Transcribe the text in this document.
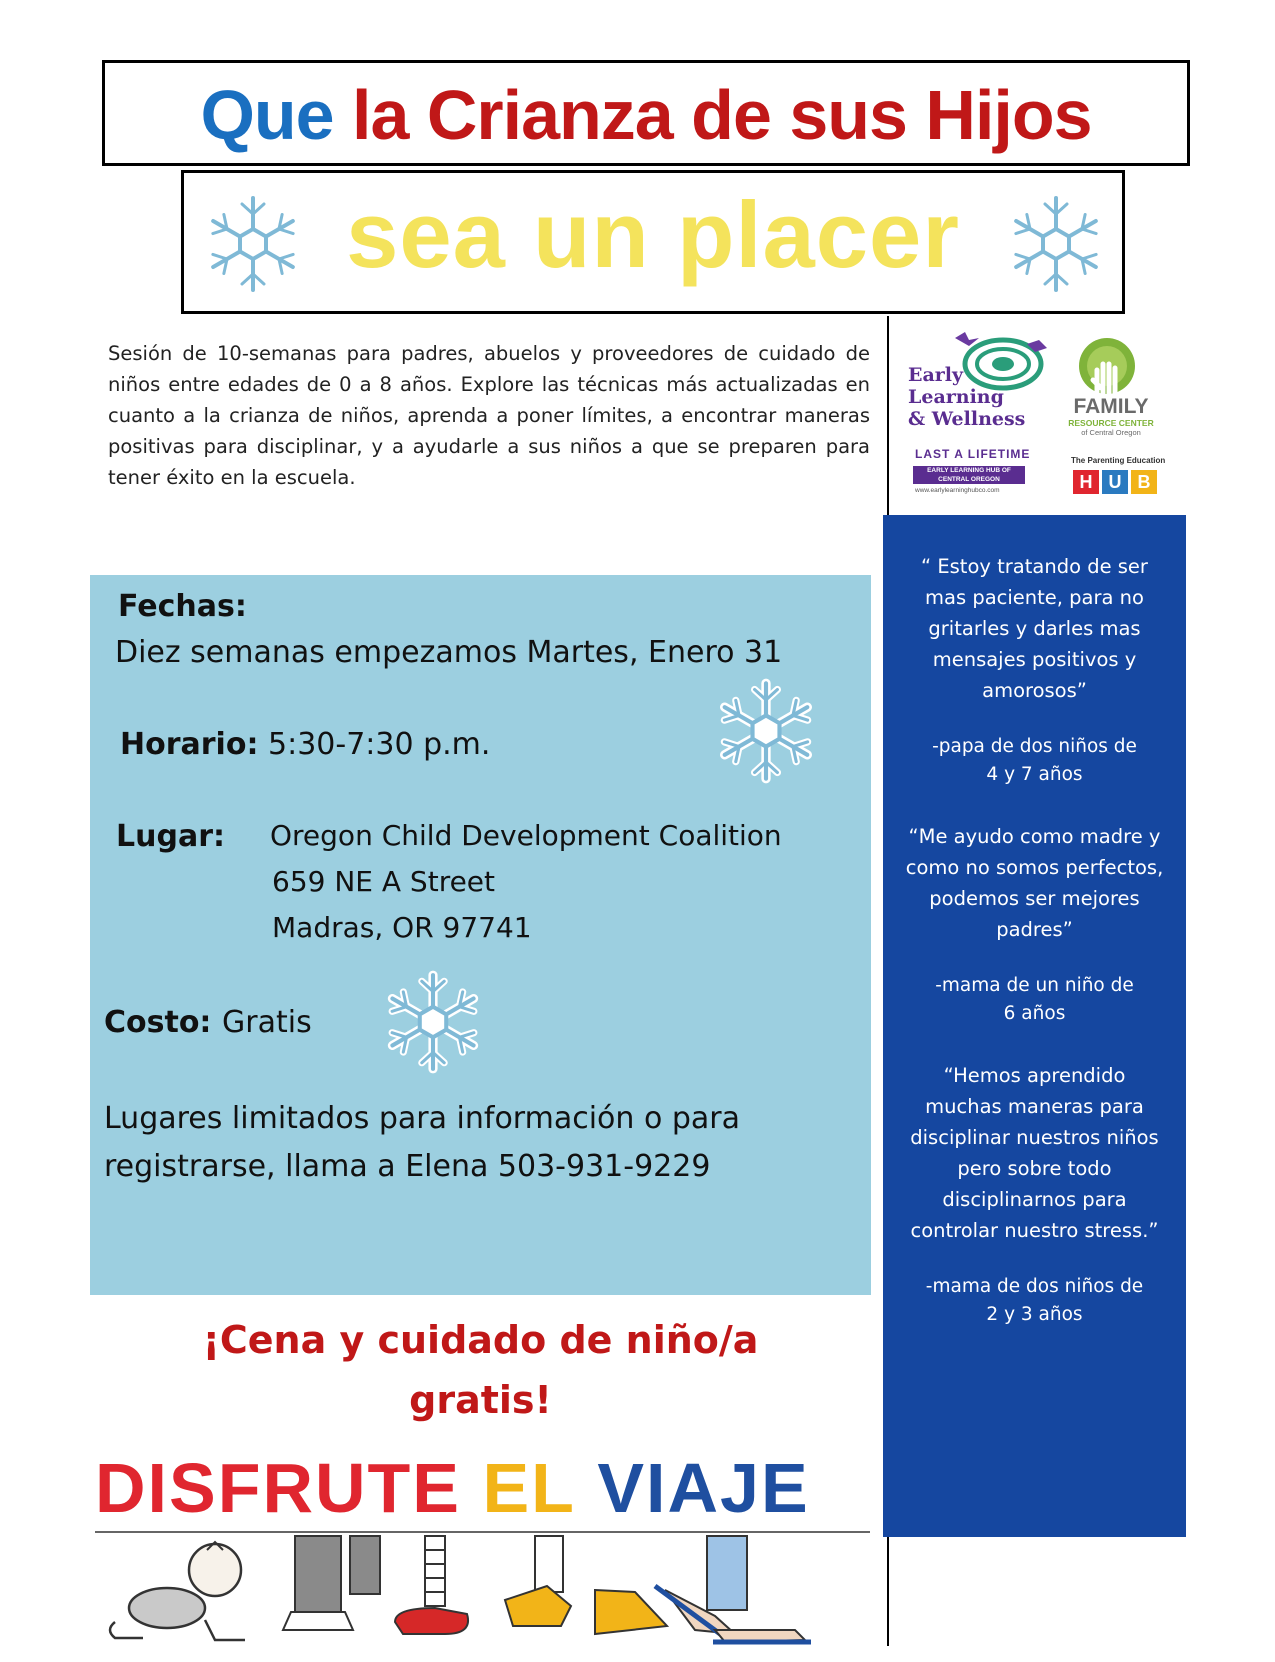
Que la Crianza de sus Hijos
sea un placer
Sesión de 10-semanas para padres, abuelos y proveedores de cuidado de niños entre edades de 0 a 8 años. Explore las técnicas más actualizadas en cuanto a la crianza de niños, aprenda a poner límites, a encontrar maneras positivas para disciplinar, y a ayudarle a sus niños a que se preparen para tener éxito en la escuela.
Early
Learning
& Wellness
LAST A LIFETIME
EARLY LEARNING HUB OF CENTRAL OREGON
www.earlylearninghubco.com
FAMILY
RESOURCE CENTER
of Central Oregon
The Parenting Education
H U B
Fechas:
Diez semanas empezamos Martes, Enero 31
Horario: 5:30-7:30 p.m.
Lugar: Oregon Child Development Coalition
659 NE A Street
Madras, OR 97741
Costo: Gratis
Lugares limitados para información o para
registrarse, llama a Elena 503-931-9229
¡Cena y cuidado de niño/a
gratis!
DISFRUTE EL VIAJE

“ Estoy tratando de ser

mas paciente, para no

gritarles y darles mas

mensajes positivos y

amorosos”

-papa de dos niños de

4 y 7 años

“Me ayudo como madre y

como no somos perfectos,

podemos ser mejores

padres”

-mama de un niño de

6 años

“Hemos aprendido

muchas maneras para

disciplinar nuestros niños

pero sobre todo

disciplinarnos para

controlar nuestro stress.”

-mama de dos niños de

2 y 3 años
